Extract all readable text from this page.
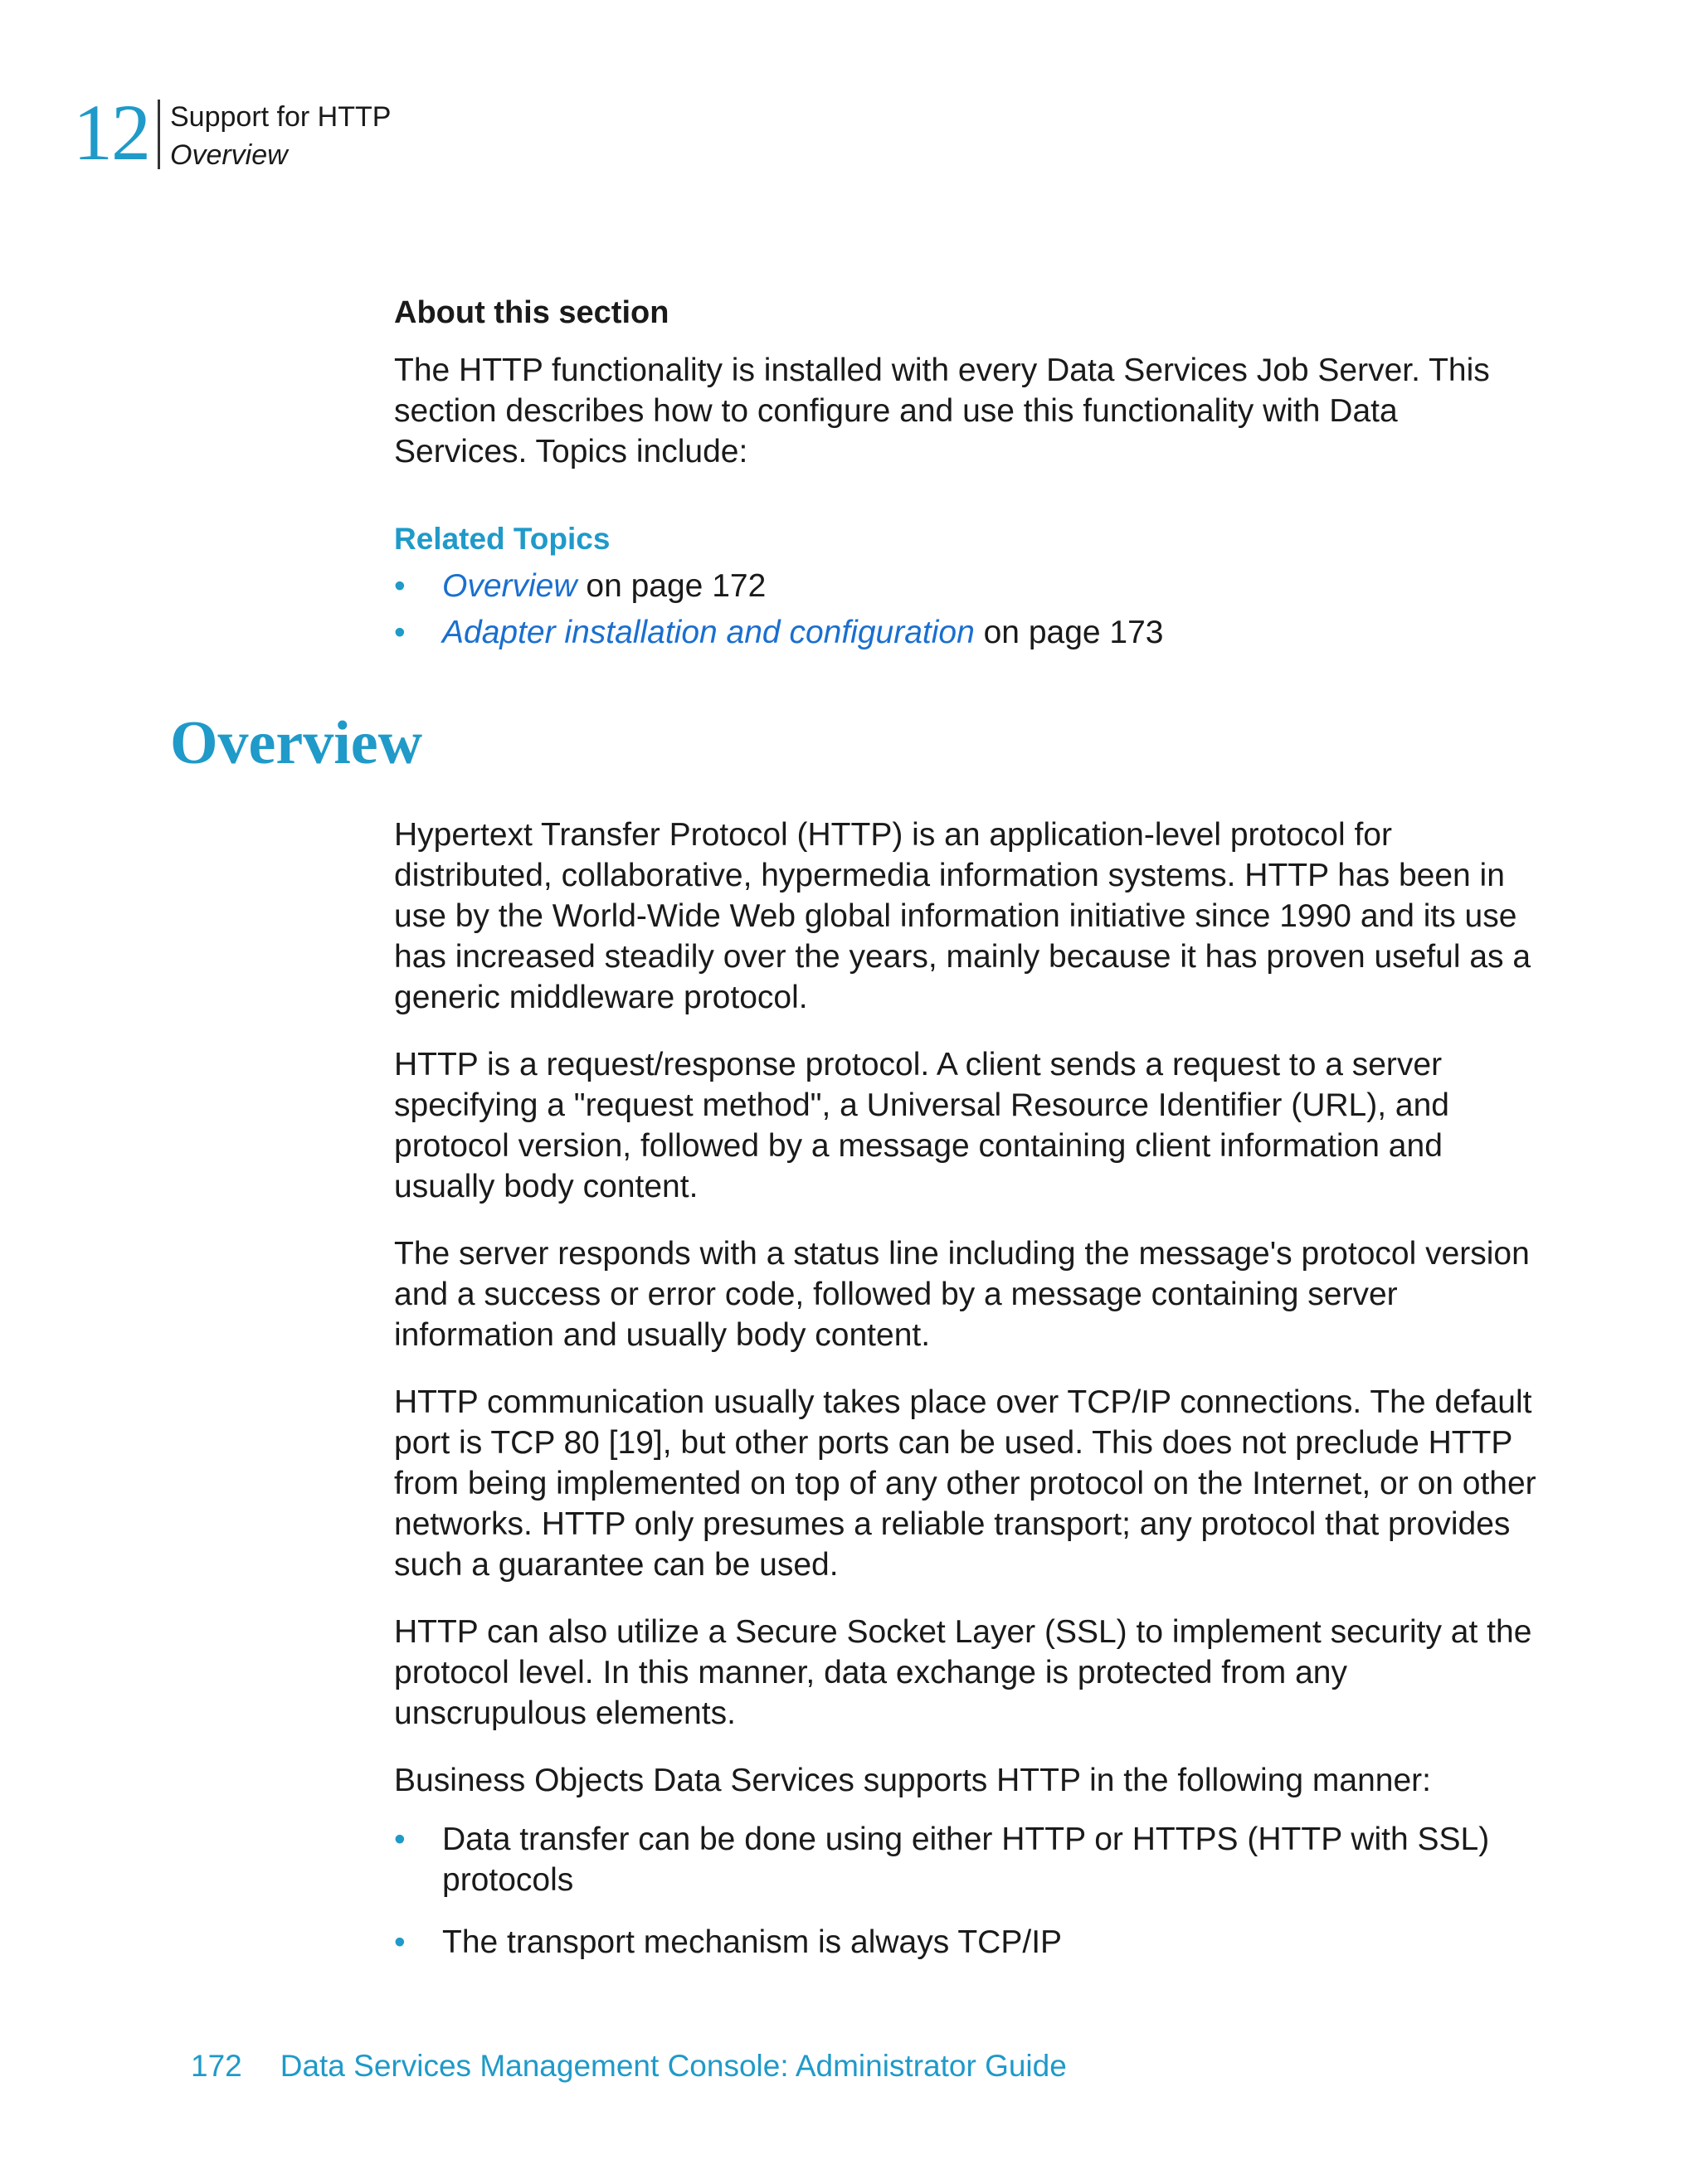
12 Support for HTTP
Overview
About this section

The HTTP functionality is installed with every Data Services Job Server. This section describes how to configure and use this functionality with Data Services. Topics include:

Related Topics
• Overview on page 172
• Adapter installation and configuration on page 173
Overview

Hypertext Transfer Protocol (HTTP) is an application-level protocol for distributed, collaborative, hypermedia information systems. HTTP has been in use by the World-Wide Web global information initiative since 1990 and its use has increased steadily over the years, mainly because it has proven useful as a generic middleware protocol.

HTTP is a request/response protocol. A client sends a request to a server specifying a "request method", a Universal Resource Identifier (URL), and protocol version, followed by a message containing client information and usually body content.

The server responds with a status line including the message's protocol version and a success or error code, followed by a message containing server information and usually body content.

HTTP communication usually takes place over TCP/IP connections. The default port is TCP 80 [19], but other ports can be used. This does not preclude HTTP from being implemented on top of any other protocol on the Internet, or on other networks. HTTP only presumes a reliable transport; any protocol that provides such a guarantee can be used.

HTTP can also utilize a Secure Socket Layer (SSL) to implement security at the protocol level. In this manner, data exchange is protected from any unscrupulous elements.

Business Objects Data Services supports HTTP in the following manner:

• Data transfer can be done using either HTTP or HTTPS (HTTP with SSL) protocols
• The transport mechanism is always TCP/IP
172 Data Services Management Console: Administrator Guide
